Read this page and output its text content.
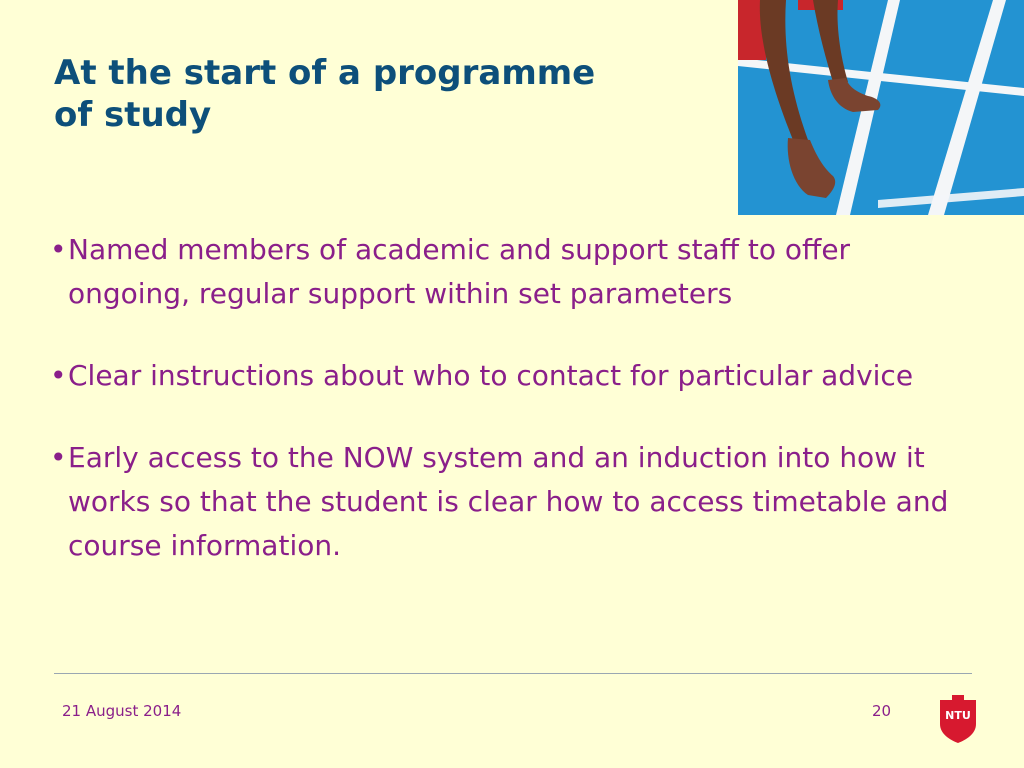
At the start of a programme
of study
• Named members of academic and support staff to offer ongoing, regular support within set parameters
• Clear instructions about who to contact for particular advice
• Early access to the NOW system and an induction into how it works so that the student is clear how to access timetable and course information.
21 August 2014	20	NTU
